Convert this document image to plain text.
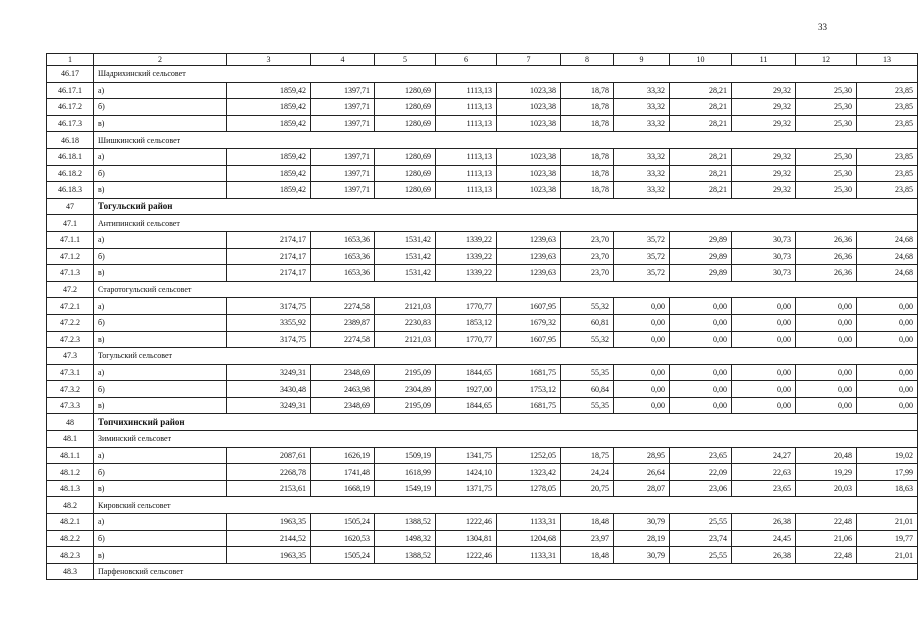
33
1	2	3	4	5	6	7	8	9	10	11	12	13
46.17	Шадрихинский сельсовет											
46.17.1	а)	1859,42	1397,71	1280,69	1113,13	1023,38	18,78	33,32	28,21	29,32	25,30	23,85
46.17.2	б)	1859,42	1397,71	1280,69	1113,13	1023,38	18,78	33,32	28,21	29,32	25,30	23,85
46.17.3	в)	1859,42	1397,71	1280,69	1113,13	1023,38	18,78	33,32	28,21	29,32	25,30	23,85
46.18	Шишкинский сельсовет											
46.18.1	а)	1859,42	1397,71	1280,69	1113,13	1023,38	18,78	33,32	28,21	29,32	25,30	23,85
46.18.2	б)	1859,42	1397,71	1280,69	1113,13	1023,38	18,78	33,32	28,21	29,32	25,30	23,85
46.18.3	в)	1859,42	1397,71	1280,69	1113,13	1023,38	18,78	33,32	28,21	29,32	25,30	23,85
47	Тогульский район											
47.1	Антипинский сельсовет											
47.1.1	а)	2174,17	1653,36	1531,42	1339,22	1239,63	23,70	35,72	29,89	30,73	26,36	24,68
47.1.2	б)	2174,17	1653,36	1531,42	1339,22	1239,63	23,70	35,72	29,89	30,73	26,36	24,68
47.1.3	в)	2174,17	1653,36	1531,42	1339,22	1239,63	23,70	35,72	29,89	30,73	26,36	24,68
47.2	Старотогульский сельсовет											
47.2.1	а)	3174,75	2274,58	2121,03	1770,77	1607,95	55,32	0,00	0,00	0,00	0,00	0,00
47.2.2	б)	3355,92	2389,87	2230,83	1853,12	1679,32	60,81	0,00	0,00	0,00	0,00	0,00
47.2.3	в)	3174,75	2274,58	2121,03	1770,77	1607,95	55,32	0,00	0,00	0,00	0,00	0,00
47.3	Тогульский сельсовет											
47.3.1	а)	3249,31	2348,69	2195,09	1844,65	1681,75	55,35	0,00	0,00	0,00	0,00	0,00
47.3.2	б)	3430,48	2463,98	2304,89	1927,00	1753,12	60,84	0,00	0,00	0,00	0,00	0,00
47.3.3	в)	3249,31	2348,69	2195,09	1844,65	1681,75	55,35	0,00	0,00	0,00	0,00	0,00
48	Топчихинский район											
48.1	Зиминский сельсовет											
48.1.1	а)	2087,61	1626,19	1509,19	1341,75	1252,05	18,75	28,95	23,65	24,27	20,48	19,02
48.1.2	б)	2268,78	1741,48	1618,99	1424,10	1323,42	24,24	26,64	22,09	22,63	19,29	17,99
48.1.3	в)	2153,61	1668,19	1549,19	1371,75	1278,05	20,75	28,07	23,06	23,65	20,03	18,63
48.2	Кировский сельсовет											
48.2.1	а)	1963,35	1505,24	1388,52	1222,46	1133,31	18,48	30,79	25,55	26,38	22,48	21,01
48.2.2	б)	2144,52	1620,53	1498,32	1304,81	1204,68	23,97	28,19	23,74	24,45	21,06	19,77
48.2.3	в)	1963,35	1505,24	1388,52	1222,46	1133,31	18,48	30,79	25,55	26,38	22,48	21,01
48.3	Парфеновский сельсовет											
